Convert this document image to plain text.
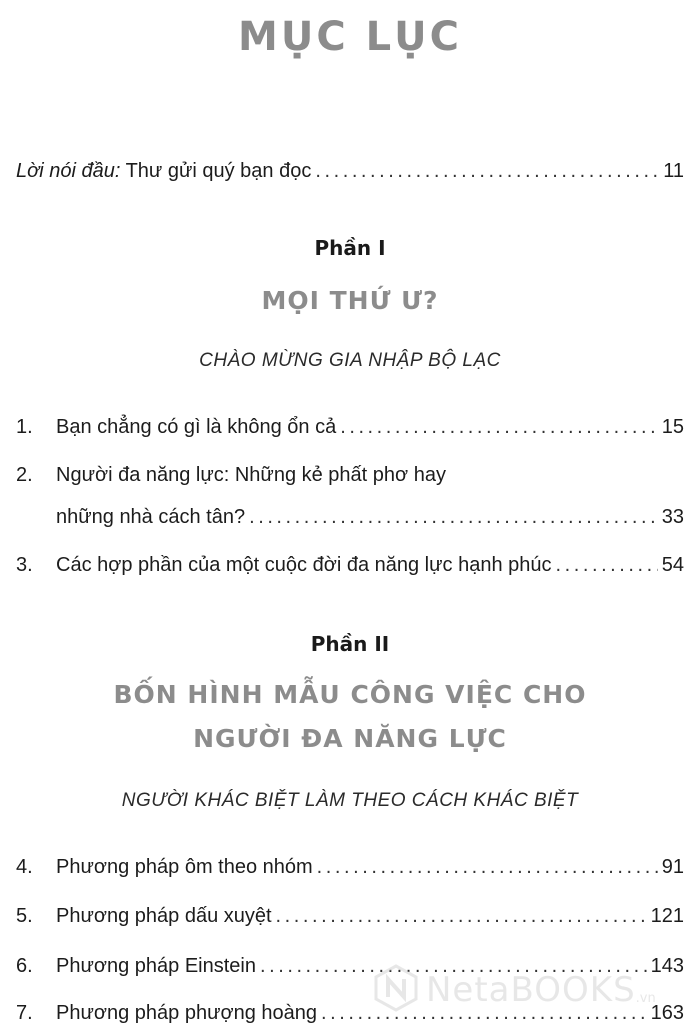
MỤC LỤC
Lời nói đầu: Thư gửi quý bạn đọc . . .	11
Phần I
MỌI THỨ Ư?
CHÀO MỪNG GIA NHẬP BỘ LẠC
1.	Bạn chẳng có gì là không ổn cả . . .	15
2.	Người đa năng lực: Những kẻ phất phơ hay
những nhà cách tân? . . .	33
3.	Các hợp phần của một cuộc đời đa năng lực hạnh phúc . . .	54
Phần II
BỐN HÌNH MẪU CÔNG VIỆC CHO
NGƯỜI ĐA NĂNG LỰC
NGƯỜI KHÁC BIỆT LÀM THEO CÁCH KHÁC BIỆT
4.	Phương pháp ôm theo nhóm . . .	91
5.	Phương pháp dấu xuyệt . . .	121
6.	Phương pháp Einstein . . .	143
7.	Phương pháp phượng hoàng . . .	163
NetaBOOKS .vn
